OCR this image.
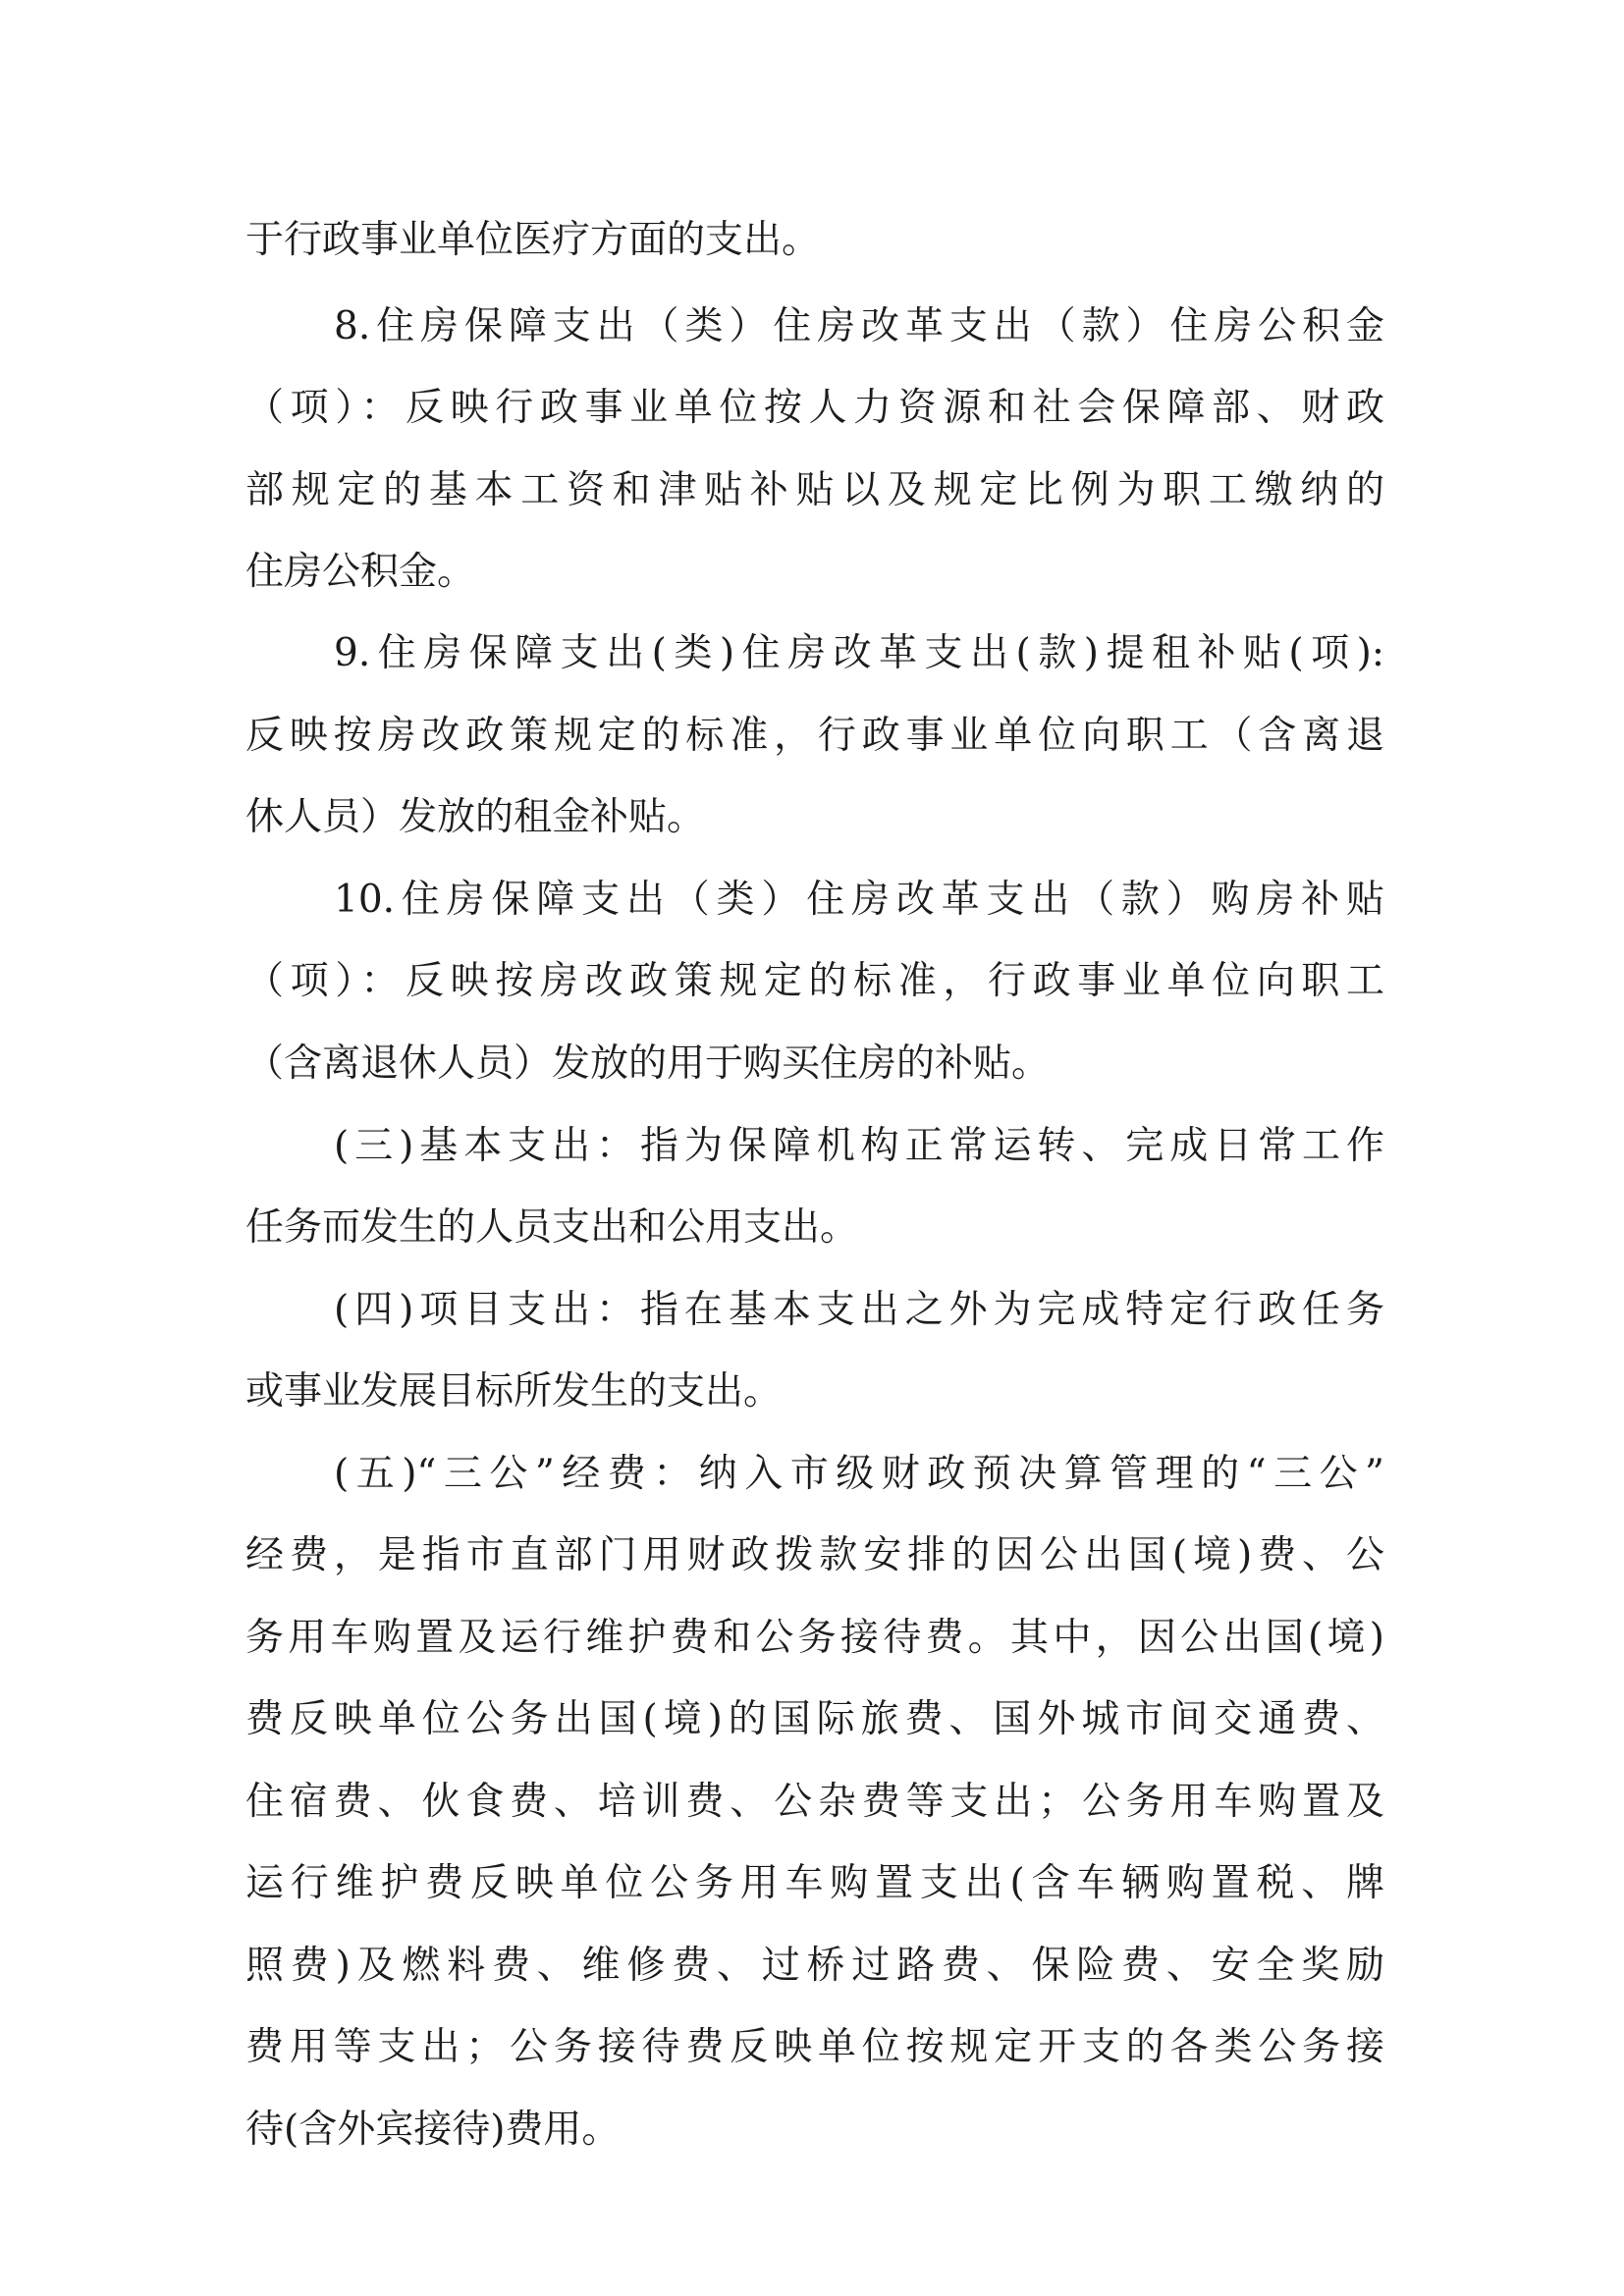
于行政事业单位医疗方面的支出。
8.住房保障支出（类）住房改革支出（款）住房公积金
（项）：反映行政事业单位按人力资源和社会保障部、财政
部规定的基本工资和津贴补贴以及规定比例为职工缴纳的
住房公积金。
9.住房保障支出(类)住房改革支出(款)提租补贴(项):
反映按房改政策规定的标准，行政事业单位向职工（含离退
休人员）发放的租金补贴。
10.住房保障支出（类）住房改革支出（款）购房补贴
（项）：反映按房改政策规定的标准，行政事业单位向职工
（含离退休人员）发放的用于购买住房的补贴。
(三)基本支出：指为保障机构正常运转、完成日常工作
任务而发生的人员支出和公用支出。
(四)项目支出：指在基本支出之外为完成特定行政任务
或事业发展目标所发生的支出。
(五)“三公”经费：纳入市级财政预决算管理的“三公”
经费，是指市直部门用财政拨款安排的因公出国(境)费、公
务用车购置及运行维护费和公务接待费。其中，因公出国(境)
费反映单位公务出国(境)的国际旅费、国外城市间交通费、
住宿费、伙食费、培训费、公杂费等支出；公务用车购置及
运行维护费反映单位公务用车购置支出(含车辆购置税、牌
照费)及燃料费、维修费、过桥过路费、保险费、安全奖励
费用等支出；公务接待费反映单位按规定开支的各类公务接
待(含外宾接待)费用。
